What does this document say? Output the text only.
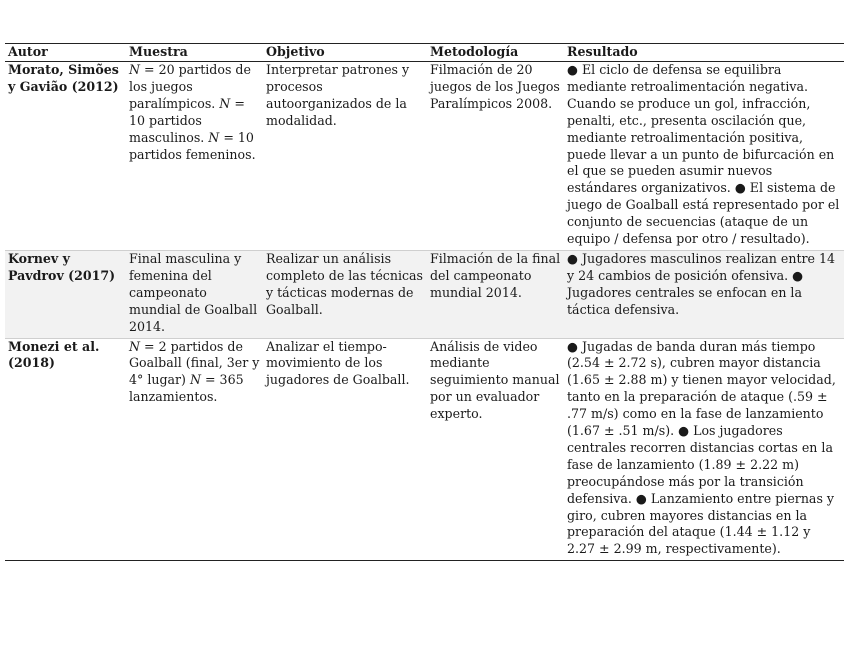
Autor	Muestra	Objetivo	Metodología	Resultado
Morato, Simões y Gavião (2012)	N = 20 partidos de los juegos paralímpicos. N = 10 partidos masculinos. N = 10 partidos femeninos.	Interpretar patrones y procesos autoorganizados de la modalidad.	Filmación de 20 juegos de los Juegos Paralímpicos 2008.	● El ciclo de defensa se equilibra mediante retroalimentación negativa. Cuando se produce un gol, infracción, penalti, etc., presenta oscilación que, mediante retroalimentación positiva, puede llevar a un punto de bifurcación en el que se pueden asumir nuevos estándares organizativos. ● El sistema de juego de Goalball está representado por el conjunto de secuencias (ataque de un equipo / defensa por otro / resultado).
Kornev y Pavdrov (2017)	Final masculina y femenina del campeonato mundial de Goalball 2014.	Realizar un análisis completo de las técnicas y tácticas modernas de Goalball.	Filmación de la final del campeonato mundial 2014.	● Jugadores masculinos realizan entre 14 y 24 cambios de posición ofensiva. ● Jugadores centrales se enfocan en la táctica defensiva.
Monezi et al. (2018)	N = 2 partidos de Goalball (final, 3er y 4° lugar) N = 365 lanzamientos.	Analizar el tiempo-movimiento de los jugadores de Goalball.	Análisis de video mediante seguimiento manual por un evaluador experto.	● Jugadas de banda duran más tiempo (2.54 ± 2.72 s), cubren mayor distancia (1.65 ± 2.88 m) y tienen mayor velocidad, tanto en la preparación de ataque (.59 ± .77 m/s) como en la fase de lanzamiento (1.67 ± .51 m/s). ● Los jugadores centrales recorren distancias cortas en la fase de lanzamiento (1.89 ± 2.22 m) preocupándose más por la transición defensiva. ● Lanzamiento entre piernas y giro, cubren mayores distancias en la preparación del ataque (1.44 ± 1.12 y 2.27 ± 2.99 m, respectivamente).
